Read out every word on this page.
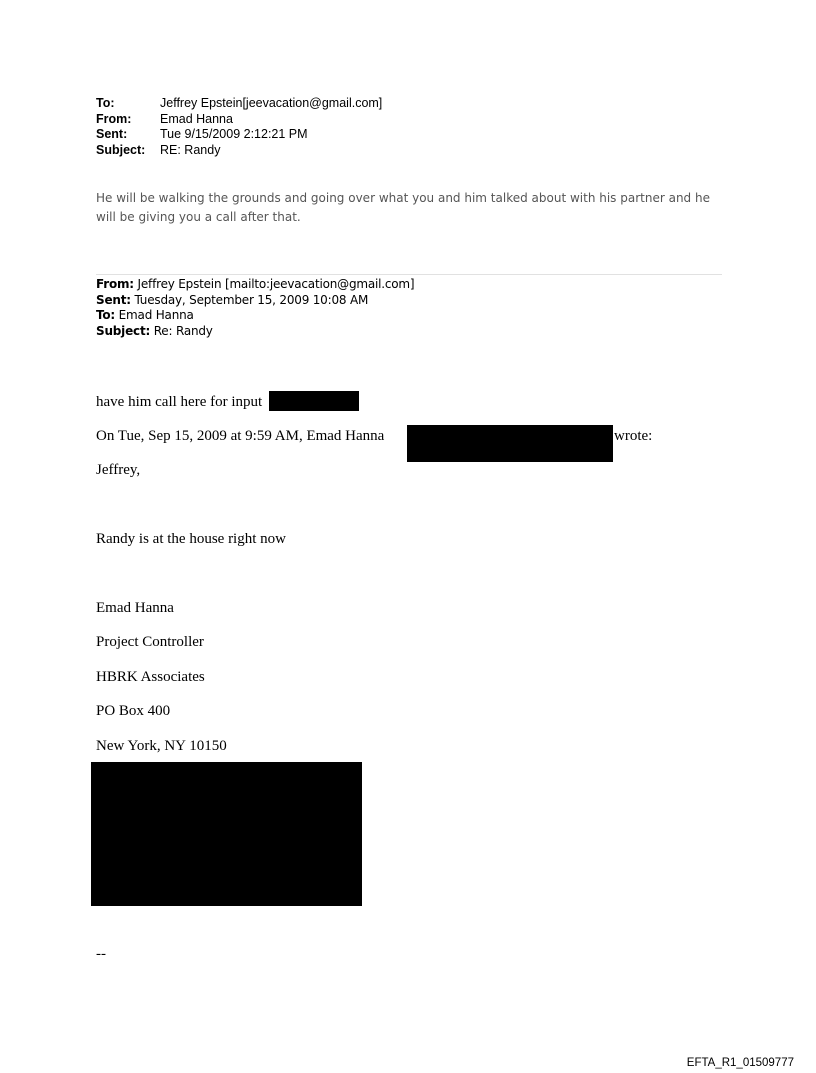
To:	Jeffrey Epstein[jeevacation@gmail.com]
From:	Emad Hanna
Sent:	Tue 9/15/2009 2:12:21 PM
Subject:	RE: Randy
He will be walking the grounds and going over what you and him talked about with his partner and he will be giving you a call after that.
From: Jeffrey Epstein [mailto:jeevacation@gmail.com]
Sent: Tuesday, September 15, 2009 10:08 AM
To: Emad Hanna
Subject: Re: Randy
have him call here for input
On Tue, Sep 15, 2009 at 9:59 AM, Emad Hanna	wrote:
Jeffrey,
Randy is at the house right now
Emad Hanna
Project Controller
HBRK Associates
PO Box 400
New York, NY 10150
--
EFTA_R1_01509777
